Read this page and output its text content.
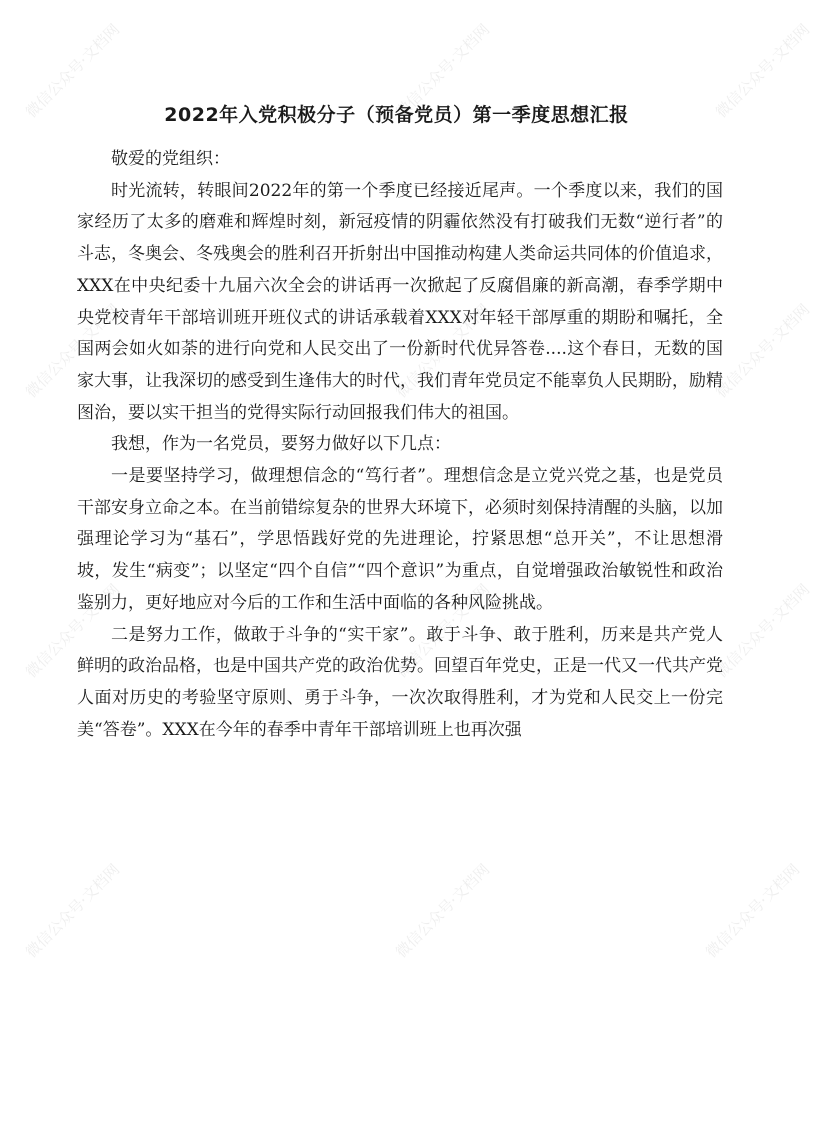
微信公众号·文档网	微信公众号·文档网	微信公众号·文档网
微信公众号·文档网	微信公众号·文档网	微信公众号·文档网
微信公众号·文档网	微信公众号·文档网	微信公众号·文档网
微信公众号·文档网	微信公众号·文档网	微信公众号·文档网
2022年入党积极分子（预备党员）第一季度思想汇报

敬爱的党组织：

时光流转，转眼间2022年的第一个季度已经接近尾声。一个季度以来，我们的国家经历了太多的磨难和辉煌时刻，新冠疫情的阴霾依然没有打破我们无数“逆行者”的斗志，冬奥会、冬残奥会的胜利召开折射出中国推动构建人类命运共同体的价值追求，XXX在中央纪委十九届六次全会的讲话再一次掀起了反腐倡廉的新高潮，春季学期中央党校青年干部培训班开班仪式的讲话承载着XXX对年轻干部厚重的期盼和嘱托，全国两会如火如荼的进行向党和人民交出了一份新时代优异答卷....这个春日，无数的国家大事，让我深切的感受到生逢伟大的时代，我们青年党员定不能辜负人民期盼，励精图治，要以实干担当的党得实际行动回报我们伟大的祖国。

我想，作为一名党员，要努力做好以下几点：

一是要坚持学习，做理想信念的“笃行者”。理想信念是立党兴党之基，也是党员干部安身立命之本。在当前错综复杂的世界大环境下，必须时刻保持清醒的头脑，以加强理论学习为“基石”，学思悟践好党的先进理论，拧紧思想“总开关”，不让思想滑坡，发生“病变”；以坚定“四个自信”“四个意识”为重点，自觉增强政治敏锐性和政治鉴别力，更好地应对今后的工作和生活中面临的各种风险挑战。

二是努力工作，做敢于斗争的“实干家”。敢于斗争、敢于胜利，历来是共产党人鲜明的政治品格，也是中国共产党的政治优势。回望百年党史，正是一代又一代共产党人面对历史的考验坚守原则、勇于斗争，一次次取得胜利，才为党和人民交上一份完美“答卷”。XXX在今年的春季中青年干部培训班上也再次强
